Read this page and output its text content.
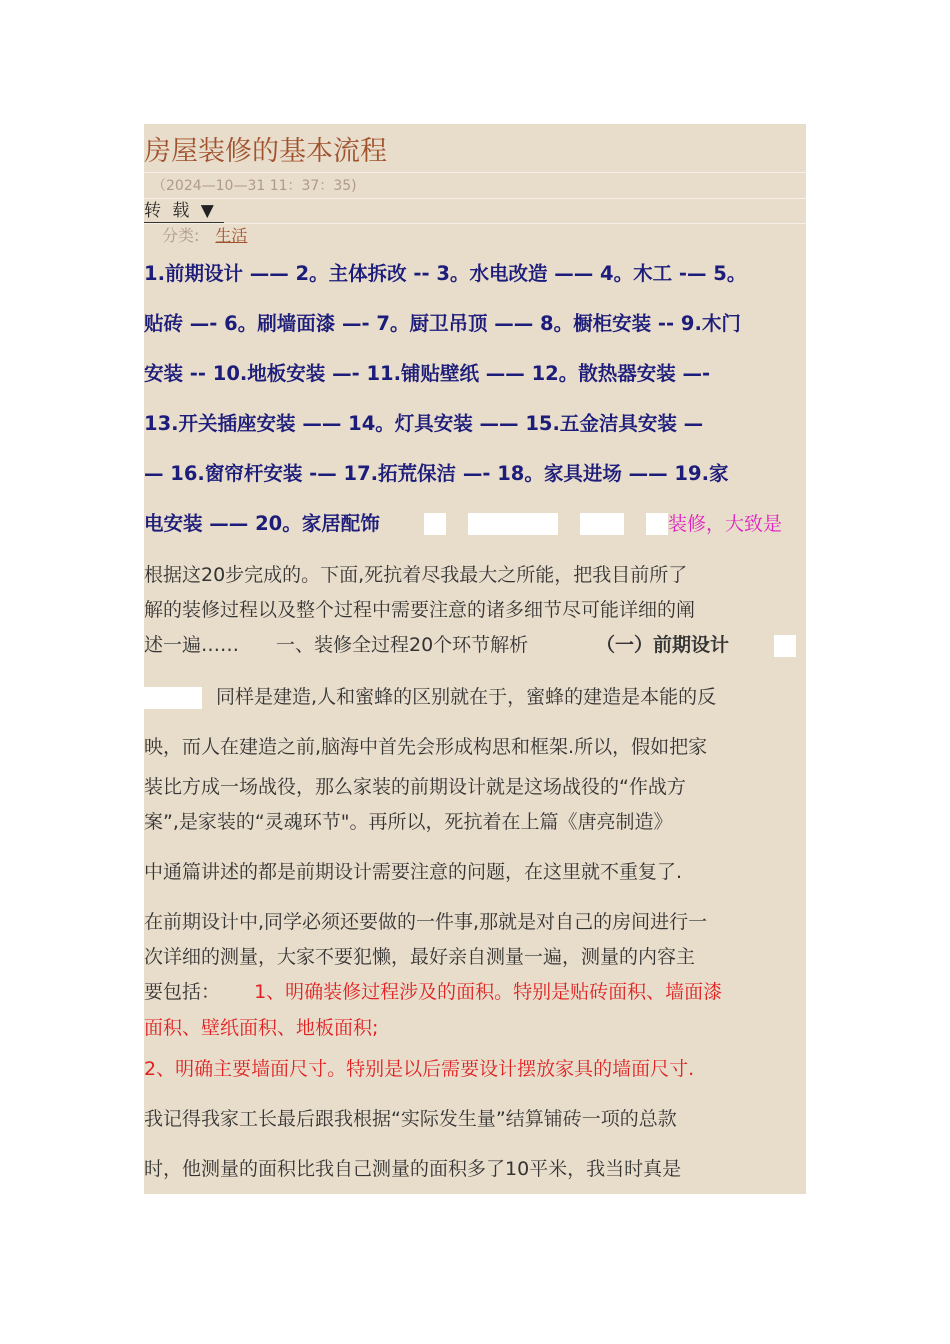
房屋装修的基本流程
（2024—10—31 11：37：35)
转 载 ▼
分类: 生活
1.前期设计 —— 2。主体拆改 -- 3。水电改造 —— 4。木工 -— 5。
贴砖 —- 6。刷墙面漆 —- 7。厨卫吊顶 —— 8。橱柜安装 -- 9.木门
安装 -- 10.地板安装 —- 11.铺贴壁纸 —— 12。散热器安装 —-
13.开关插座安装 —— 14。灯具安装 —— 15.五金洁具安装 —
— 16.窗帘杆安装 -— 17.拓荒保洁 —- 18。家具进场 —— 19.家
电安装 —— 20。家居配饰	装修，大致是
根据这20步完成的。下面,死抗着尽我最大之所能，把我目前所了
解的装修过程以及整个过程中需要注意的诸多细节尽可能详细的阐
述一遍…… 一、装修全过程20个环节解析	（一）前期设计
同样是建造,人和蜜蜂的区别就在于，蜜蜂的建造是本能的反
映，而人在建造之前,脑海中首先会形成构思和框架.所以，假如把家
装比方成一场战役，那么家装的前期设计就是这场战役的“作战方
案”,是家装的“灵魂环节"。再所以，死抗着在上篇《唐亮制造》
中通篇讲述的都是前期设计需要注意的问题，在这里就不重复了.
在前期设计中,同学必须还要做的一件事,那就是对自己的房间进行一
次详细的测量，大家不要犯懒，最好亲自测量一遍，测量的内容主
要包括： 1、明确装修过程涉及的面积。特别是贴砖面积、墙面漆
面积、壁纸面积、地板面积;
2、明确主要墙面尺寸。特别是以后需要设计摆放家具的墙面尺寸.
我记得我家工长最后跟我根据“实际发生量”结算铺砖一项的总款
时，他测量的面积比我自己测量的面积多了10平米，我当时真是
